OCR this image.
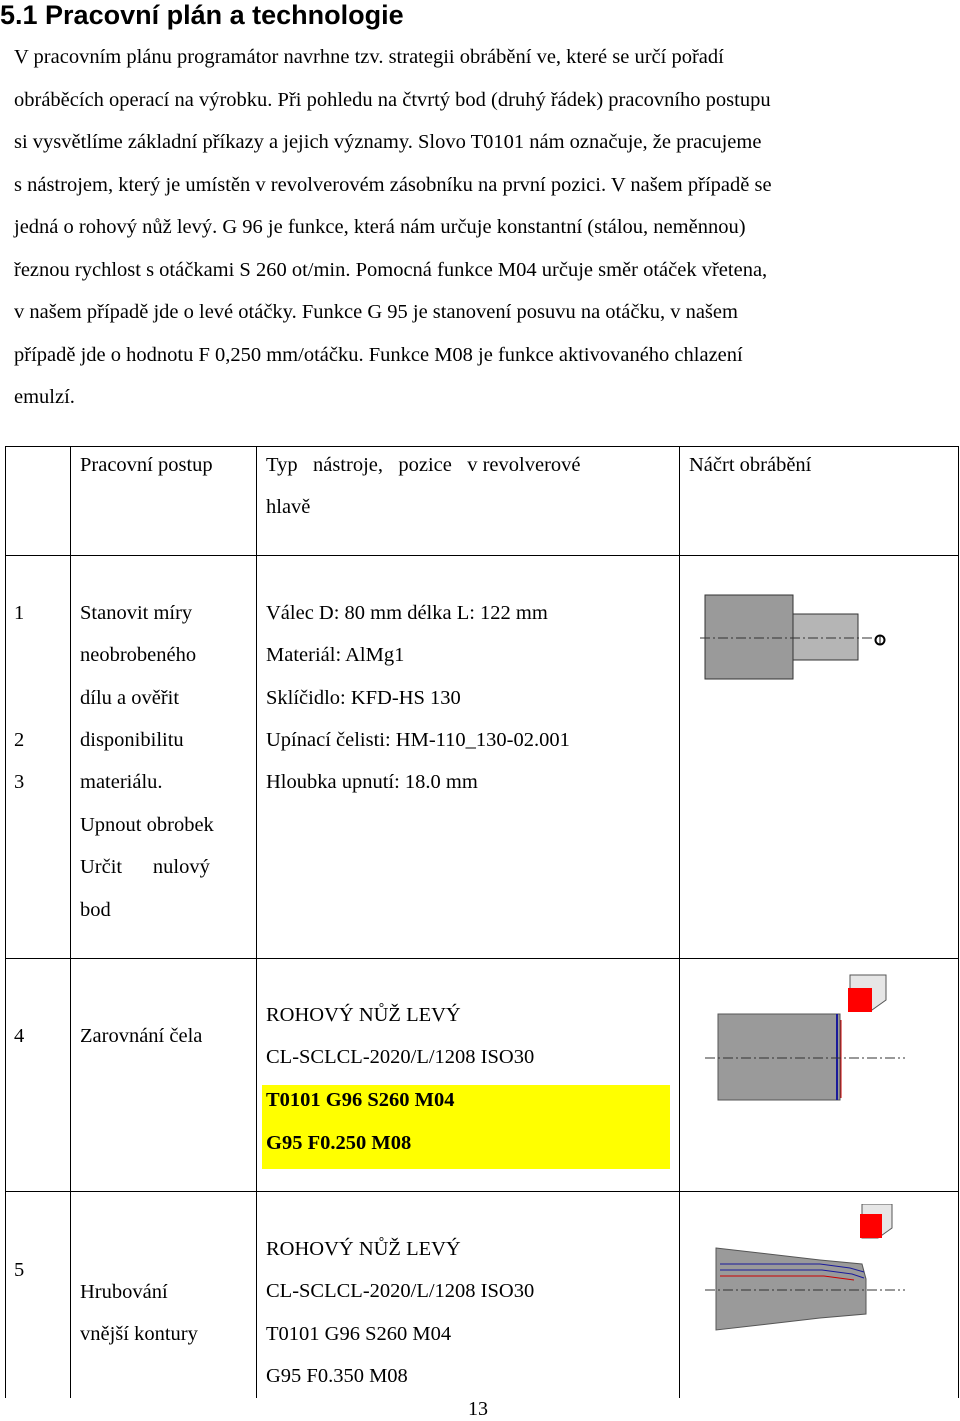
5.1 Pracovní plán a technologie
V pracovním plánu programátor navrhne tzv. strategii obrábění ve, které se určí pořadí
obráběcích operací na výrobku. Při pohledu na čtvrtý bod (druhý řádek) pracovního postupu
si vysvětlíme základní příkazy a jejich významy. Slovo T0101 nám označuje, že pracujeme
s nástrojem, který je umístěn v revolverovém zásobníku na první pozici. V našem případě se
jedná o rohový nůž levý. G 96 je funkce, která nám určuje konstantní (stálou, neměnnou)
řeznou rychlost s otáčkami S 260 ot/min. Pomocná funkce M04 určuje směr otáček vřetena,
v našem případě jde o levé otáčky. Funkce G 95 je stanovení posuvu na otáčku, v našem
případě jde o hodnotu F 0,250 mm/otáčku. Funkce M08 je funkce aktivovaného chlazení
emulzí.
Pracovní postup	Typ   nástroje,   pozice   v revolverové
hlavě
Náčrt obrábění
1
2
3
Stanovit míry
neobrobeného
dílu a ověřit
disponibilitu
materiálu.
Upnout obrobek
Určit      nulový
bod
Válec D: 80 mm délka L: 122 mm
Materiál: AlMg1
Sklíčidlo: KFD-HS 130
Upínací čelisti: HM-110_130-02.001
Hloubka upnutí: 18.0 mm
4	Zarovnání čela
ROHOVÝ NŮŽ LEVÝ
CL-SCLCL-2020/L/1208 ISO30
T0101 G96 S260 M04
G95 F0.250 M08
5
Hrubování
vnější kontury
ROHOVÝ NŮŽ LEVÝ
CL-SCLCL-2020/L/1208 ISO30
T0101 G96 S260 M04
G95 F0.350 M08
13
